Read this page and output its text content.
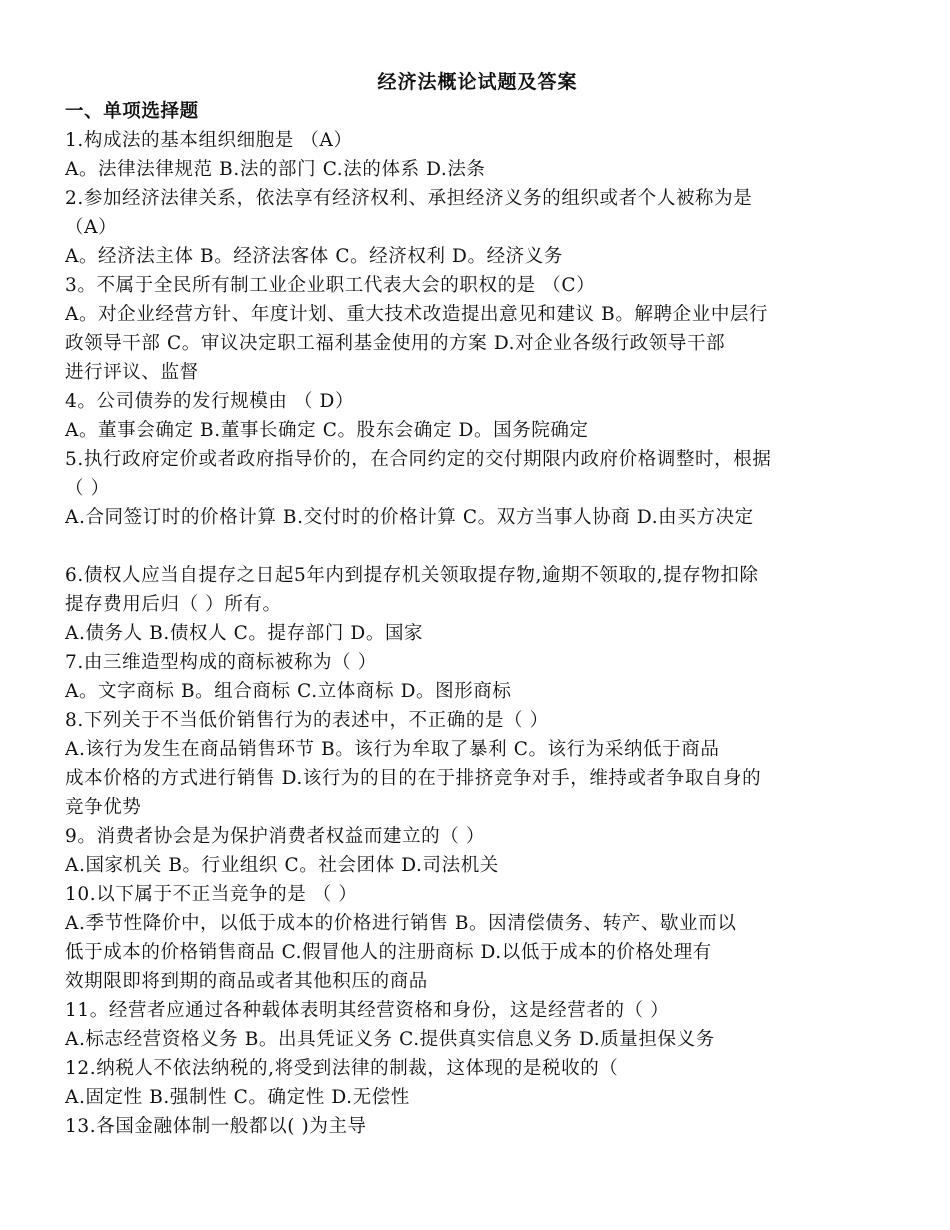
经济法概论试题及答案
一、单项选择题
1.构成法的基本组织细胞是 （A）
A。法律法律规范 B.法的部门 C.法的体系 D.法条
2.参加经济法律关系，依法享有经济权利、承担经济义务的组织或者个人被称为是
（A）
A。经济法主体 B。经济法客体 C。经济权利 D。经济义务
3。不属于全民所有制工业企业职工代表大会的职权的是 （C）
A。对企业经营方针、年度计划、重大技术改造提出意见和建议 B。解聘企业中层行
政领导干部 C。审议决定职工福利基金使用的方案 D.对企业各级行政领导干部
进行评议、监督
4。公司债券的发行规模由 （ D）
A。董事会确定 B.董事长确定 C。股东会确定 D。国务院确定
5.执行政府定价或者政府指导价的，在合同约定的交付期限内政府价格调整时，根据
（ ）
A.合同签订时的价格计算 B.交付时的价格计算 C。双方当事人协商 D.由买方决定
6.债权人应当自提存之日起5年内到提存机关领取提存物,逾期不领取的,提存物扣除
提存费用后归（ ）所有。
A.债务人 B.债权人 C。提存部门 D。国家
7.由三维造型构成的商标被称为（ ）
A。文字商标 B。组合商标 C.立体商标 D。图形商标
8.下列关于不当低价销售行为的表述中，不正确的是（ ）
A.该行为发生在商品销售环节 B。该行为牟取了暴利 C。该行为采纳低于商品
成本价格的方式进行销售 D.该行为的目的在于排挤竞争对手，维持或者争取自身的
竞争优势
9。消费者协会是为保护消费者权益而建立的（ ）
A.国家机关 B。行业组织 C。社会团体 D.司法机关
10.以下属于不正当竞争的是 （ ）
A.季节性降价中，以低于成本的价格进行销售 B。因清偿债务、转产、歇业而以
低于成本的价格销售商品 C.假冒他人的注册商标 D.以低于成本的价格处理有
效期限即将到期的商品或者其他积压的商品
11。经营者应通过各种载体表明其经营资格和身份，这是经营者的（ ）
A.标志经营资格义务 B。出具凭证义务 C.提供真实信息义务 D.质量担保义务
12.纳税人不依法纳税的,将受到法律的制裁，这体现的是税收的（
A.固定性 B.强制性 C。确定性 D.无偿性
13.各国金融体制一般都以( )为主导
